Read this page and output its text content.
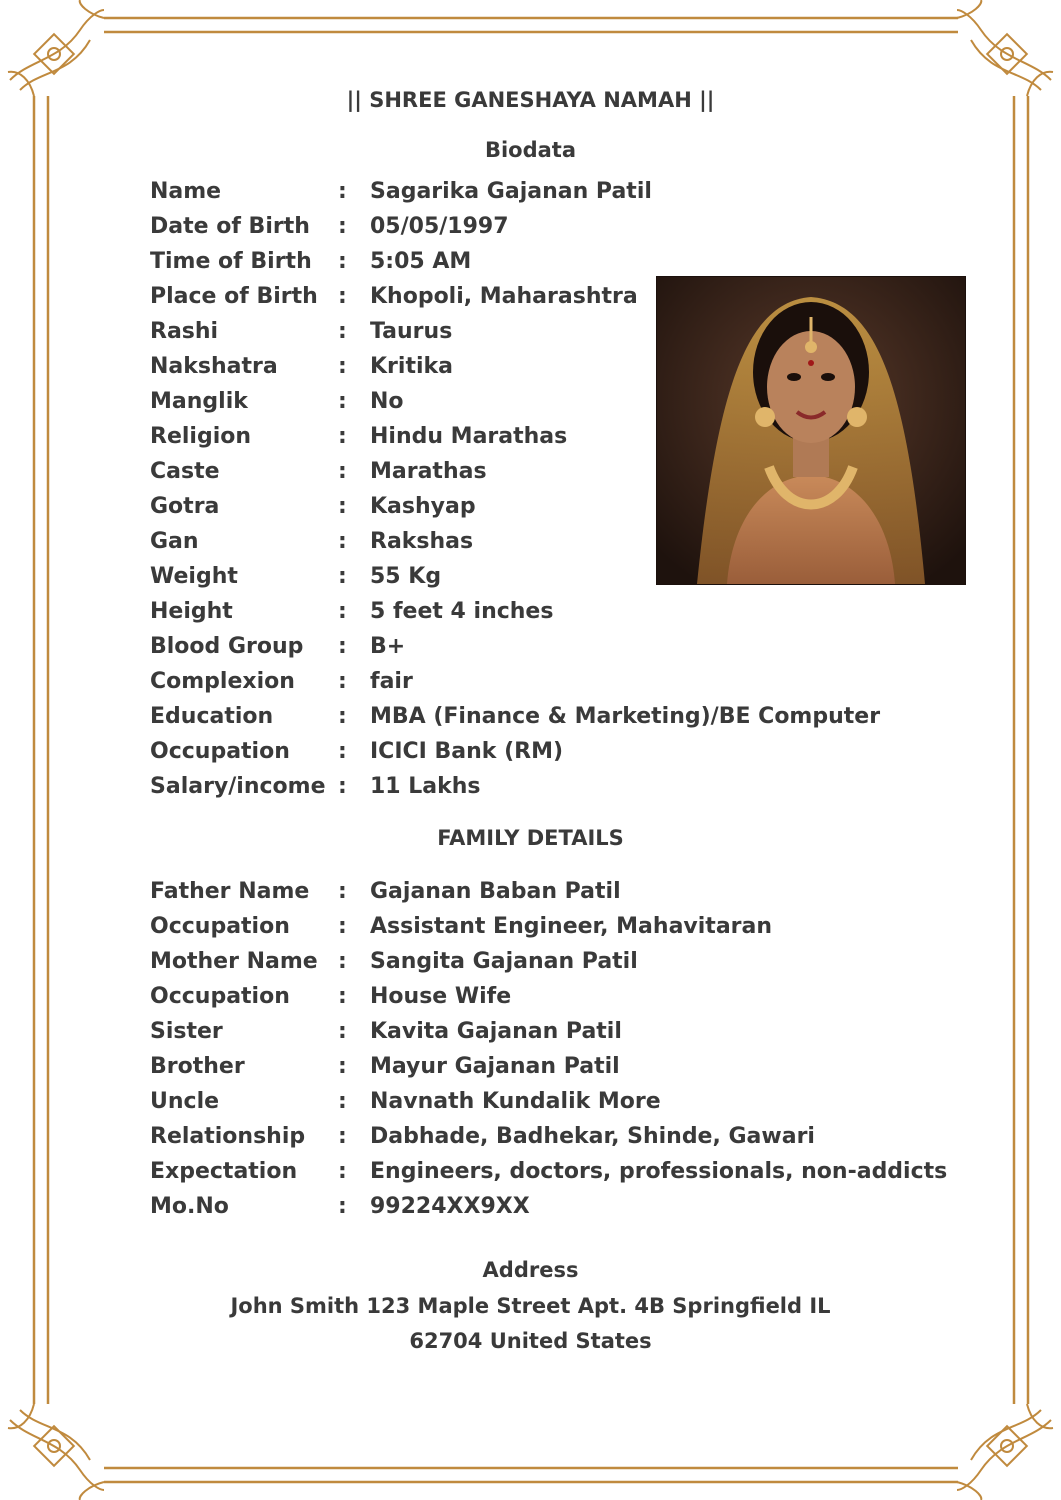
|| SHREE GANESHAYA NAMAH ||
Biodata
Name	: Sagarika Gajanan Patil
Date of Birth : 05/05/1997
Time of Birth : 5:05 AM
Place of Birth : Khopoli, Maharashtra
Rashi	: Taurus
Nakshatra	: Kritika
Manglik	: No
Religion	: Hindu Marathas
Caste	: Marathas
Gotra	: Kashyap
Gan	: Rakshas
Weight	: 55 Kg
Height	: 5 feet 4 inches
Blood Group : B+
Complexion : fair
Education	: MBA (Finance & Marketing)/BE Computer
Occupation : ICICI Bank (RM)
Salary/income : 11 Lakhs
FAMILY DETAILS
Father Name : Gajanan Baban Patil
Occupation : Assistant Engineer, Mahavitaran
Mother Name : Sangita Gajanan Patil
Occupation : House Wife
Sister	: Kavita Gajanan Patil
Brother	: Mayur Gajanan Patil
Uncle	: Navnath Kundalik More
Relationship : Dabhade, Badhekar, Shinde, Gawari
Expectation : Engineers, doctors, professionals, non-addicts
Mo.No	: 99224XX9XX
Address
John Smith 123 Maple Street Apt. 4B Springfield IL
62704 United States
